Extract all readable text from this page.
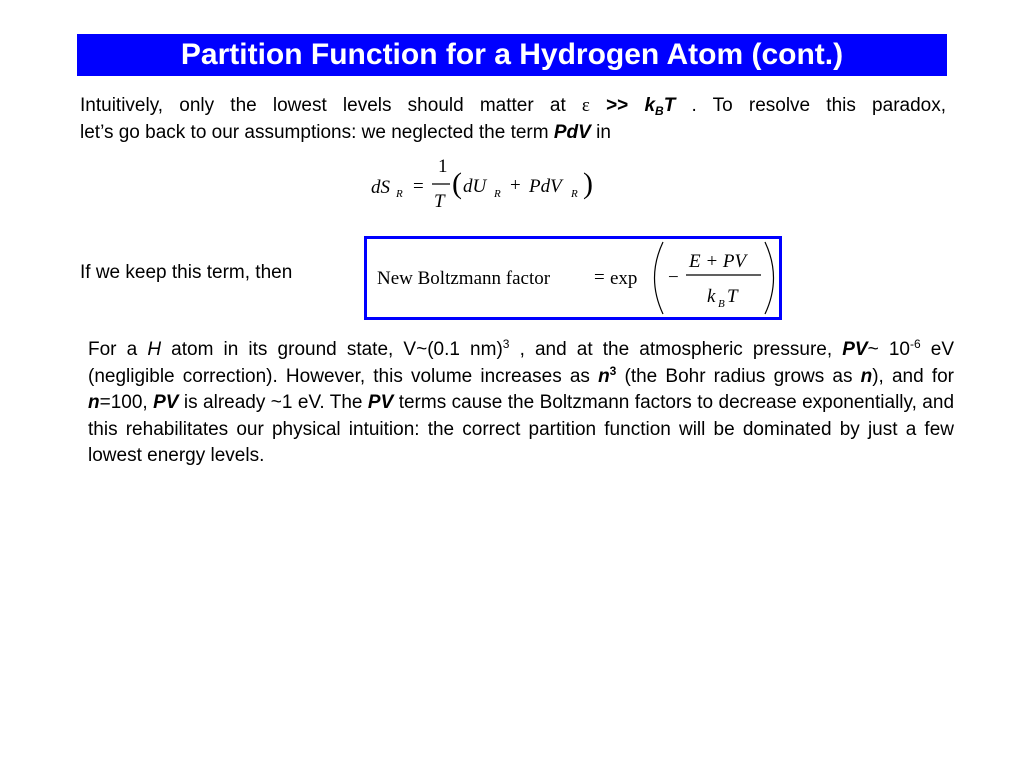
Partition Function for a Hydrogen Atom (cont.)
Intuitively, only the lowest levels should matter at $\varepsilon >> k_BT$ . To resolve this paradox,
let’s go back to our assumptions: we neglected the term PdV in
dS R =
1
T
( dU R + PdV R )
If we keep this term, then	New Boltzmann factor = exp −
E + PV
k B T
For a H atom in its ground state, V~(0.1 nm)$^3$ , and at the atmospheric pressure, PV~ $10^{-6}$ eV (negligible correction). However, this volume increases as $n^3$ (the Bohr radius grows as n), and for n=100, PV is already ~1 eV. The PV terms cause the Boltzmann factors to decrease exponentially, and this rehabilitates our physical intuition: the correct partition function will be dominated by just a few lowest energy levels.
